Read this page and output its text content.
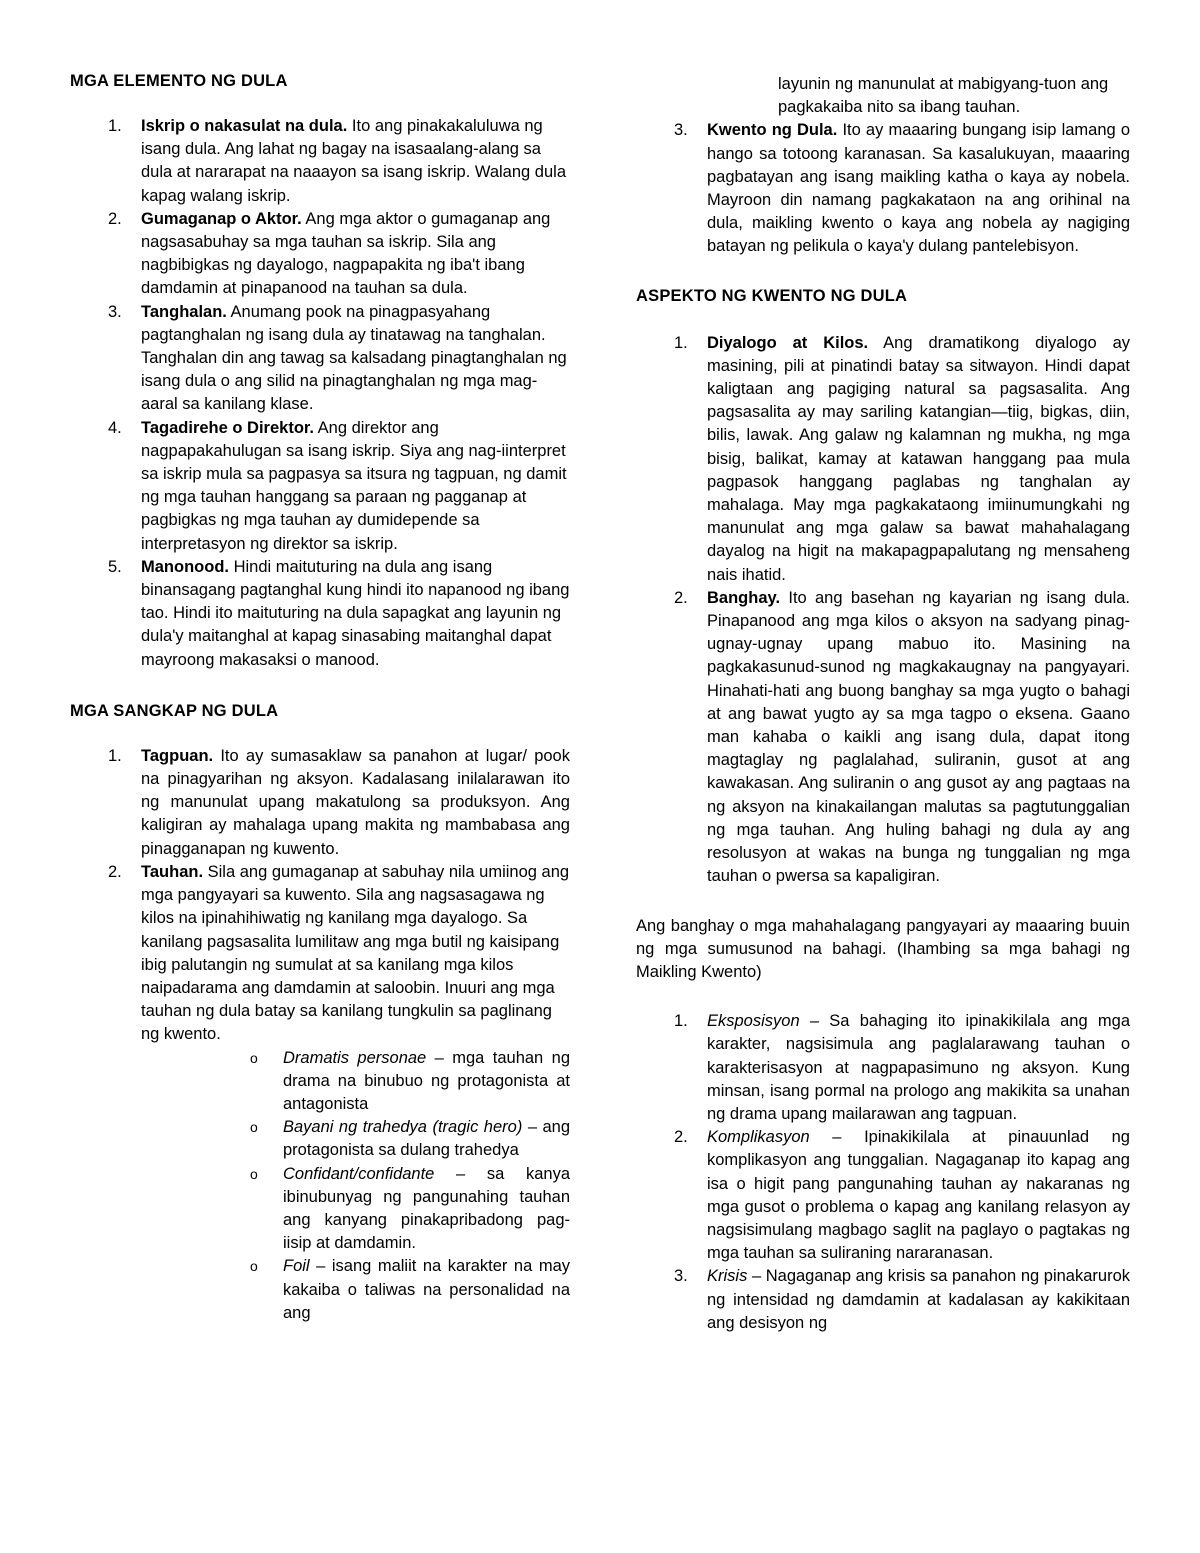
MGA ELEMENTO NG DULA
1. Iskrip o nakasulat na dula. Ito ang pinakakaluluwa ng isang dula. Ang lahat ng bagay na isasaalang-alang sa dula at nararapat na naaayon sa isang iskrip. Walang dula kapag walang iskrip.
2. Gumaganap o Aktor. Ang mga aktor o gumaganap ang nagsasabuhay sa mga tauhan sa iskrip. Sila ang nagbibigkas ng dayalogo, nagpapakita ng iba't ibang damdamin at pinapanood na tauhan sa dula.
3. Tanghalan. Anumang pook na pinagpasyahang pagtanghalan ng isang dula ay tinatawag na tanghalan. Tanghalan din ang tawag sa kalsadang pinagtanghalan ng isang dula o ang silid na pinagtanghalan ng mga mag-aaral sa kanilang klase.
4. Tagadirehe o Direktor. Ang direktor ang nagpapakahulugan sa isang iskrip. Siya ang nag-iinterpret sa iskrip mula sa pagpasya sa itsura ng tagpuan, ng damit ng mga tauhan hanggang sa paraan ng pagganap at pagbigkas ng mga tauhan ay dumidepende sa interpretasyon ng direktor sa iskrip.
5. Manonood. Hindi maituturing na dula ang isang binansagang pagtanghal kung hindi ito napanood ng ibang tao. Hindi ito maituturing na dula sapagkat ang layunin ng dula'y maitanghal at kapag sinasabing maitanghal dapat mayroong makasaksi o manood.
MGA SANGKAP NG DULA
1. Tagpuan. Ito ay sumasaklaw sa panahon at lugar/ pook na pinagyarihan ng aksyon. Kadalasang inilalarawan ito ng manunulat upang makatulong sa produksyon. Ang kaligiran ay mahalaga upang makita ng mambabasa ang pinagganapan ng kuwento.
2. Tauhan. Sila ang gumaganap at sabuhay nila umiinog ang mga pangyayari sa kuwento. Sila ang nagsasagawa ng kilos na ipinahihiwatig ng kanilang mga dayalogo. Sa kanilang pagsasalita lumilitaw ang mga butil ng kaisipang ibig palutangin ng sumulat at sa kanilang mga kilos naipadarama ang damdamin at saloobin. Inuuri ang mga tauhan ng dula batay sa kanilang tungkulin sa paglinang ng kwento.
o Dramatis personae – mga tauhan ng drama na binubuo ng protagonista at antagonista
o Bayani ng trahedya (tragic hero) – ang protagonista sa dulang trahedya
o Confidant/confidante – sa kanya ibinubunyag ng pangunahing tauhan ang kanyang pinakapribadong pag-iisip at damdamin.
o Foil – isang maliit na karakter na may kakaiba o taliwas na personalidad na ang
layunin ng manunulat at mabigyang-tuon ang pagkakaiba nito sa ibang tauhan.
3. Kwento ng Dula. Ito ay maaaring bungang isip lamang o hango sa totoong karanasan. Sa kasalukuyan, maaaring pagbatayan ang isang maikling katha o kaya ay nobela. Mayroon din namang pagkakataon na ang orihinal na dula, maikling kwento o kaya ang nobela ay nagiging batayan ng pelikula o kaya'y dulang pantelebisyon.
ASPEKTO NG KWENTO NG DULA
1. Diyalogo at Kilos. Ang dramatikong diyalogo ay masining, pili at pinatindi batay sa sitwayon. Hindi dapat kaligtaan ang pagiging natural sa pagsasalita. Ang pagsasalita ay may sariling katangian—tiig, bigkas, diin, bilis, lawak. Ang galaw ng kalamnan ng mukha, ng mga bisig, balikat, kamay at katawan hanggang paa mula pagpasok hanggang paglabas ng tanghalan ay mahalaga. May mga pagkakataong imiinumungkahi ng manunulat ang mga galaw sa bawat mahahalagang dayalog na higit na makapagpapalutang ng mensaheng nais ihatid.
2. Banghay. Ito ang basehan ng kayarian ng isang dula. Pinapanood ang mga kilos o aksyon na sadyang pinag-ugnay-ugnay upang mabuo ito. Masining na pagkakasunud-sunod ng magkakaugnay na pangyayari. Hinahati-hati ang buong banghay sa mga yugto o bahagi at ang bawat yugto ay sa mga tagpo o eksena. Gaano man kahaba o kaikli ang isang dula, dapat itong magtaglay ng paglalahad, suliranin, gusot at ang kawakasan. Ang suliranin o ang gusot ay ang pagtaas na ng aksyon na kinakailangan malutas sa pagtutunggalian ng mga tauhan. Ang huling bahagi ng dula ay ang resolusyon at wakas na bunga ng tunggalian ng mga tauhan o pwersa sa kapaligiran.

Ang banghay o mga mahahalagang pangyayari ay maaaring buuin ng mga sumusunod na bahagi. (Ihambing sa mga bahagi ng Maikling Kwento)

1. Eksposisyon – Sa bahaging ito ipinakikilala ang mga karakter, nagsisimula ang paglalarawang tauhan o karakterisasyon at nagpapasimuno ng aksyon. Kung minsan, isang pormal na prologo ang makikita sa unahan ng drama upang mailarawan ang tagpuan.
2. Komplikasyon – Ipinakikilala at pinauunlad ng komplikasyon ang tunggalian. Nagaganap ito kapag ang isa o higit pang pangunahing tauhan ay nakaranas ng mga gusot o problema o kapag ang kanilang relasyon ay nagsisimulang magbago saglit na paglayo o pagtakas ng mga tauhan sa suliraning nararanasan.
3. Krisis – Nagaganap ang krisis sa panahon ng pinakarurok ng intensidad ng damdamin at kadalasan ay kakikitaan ang desisyon ng
